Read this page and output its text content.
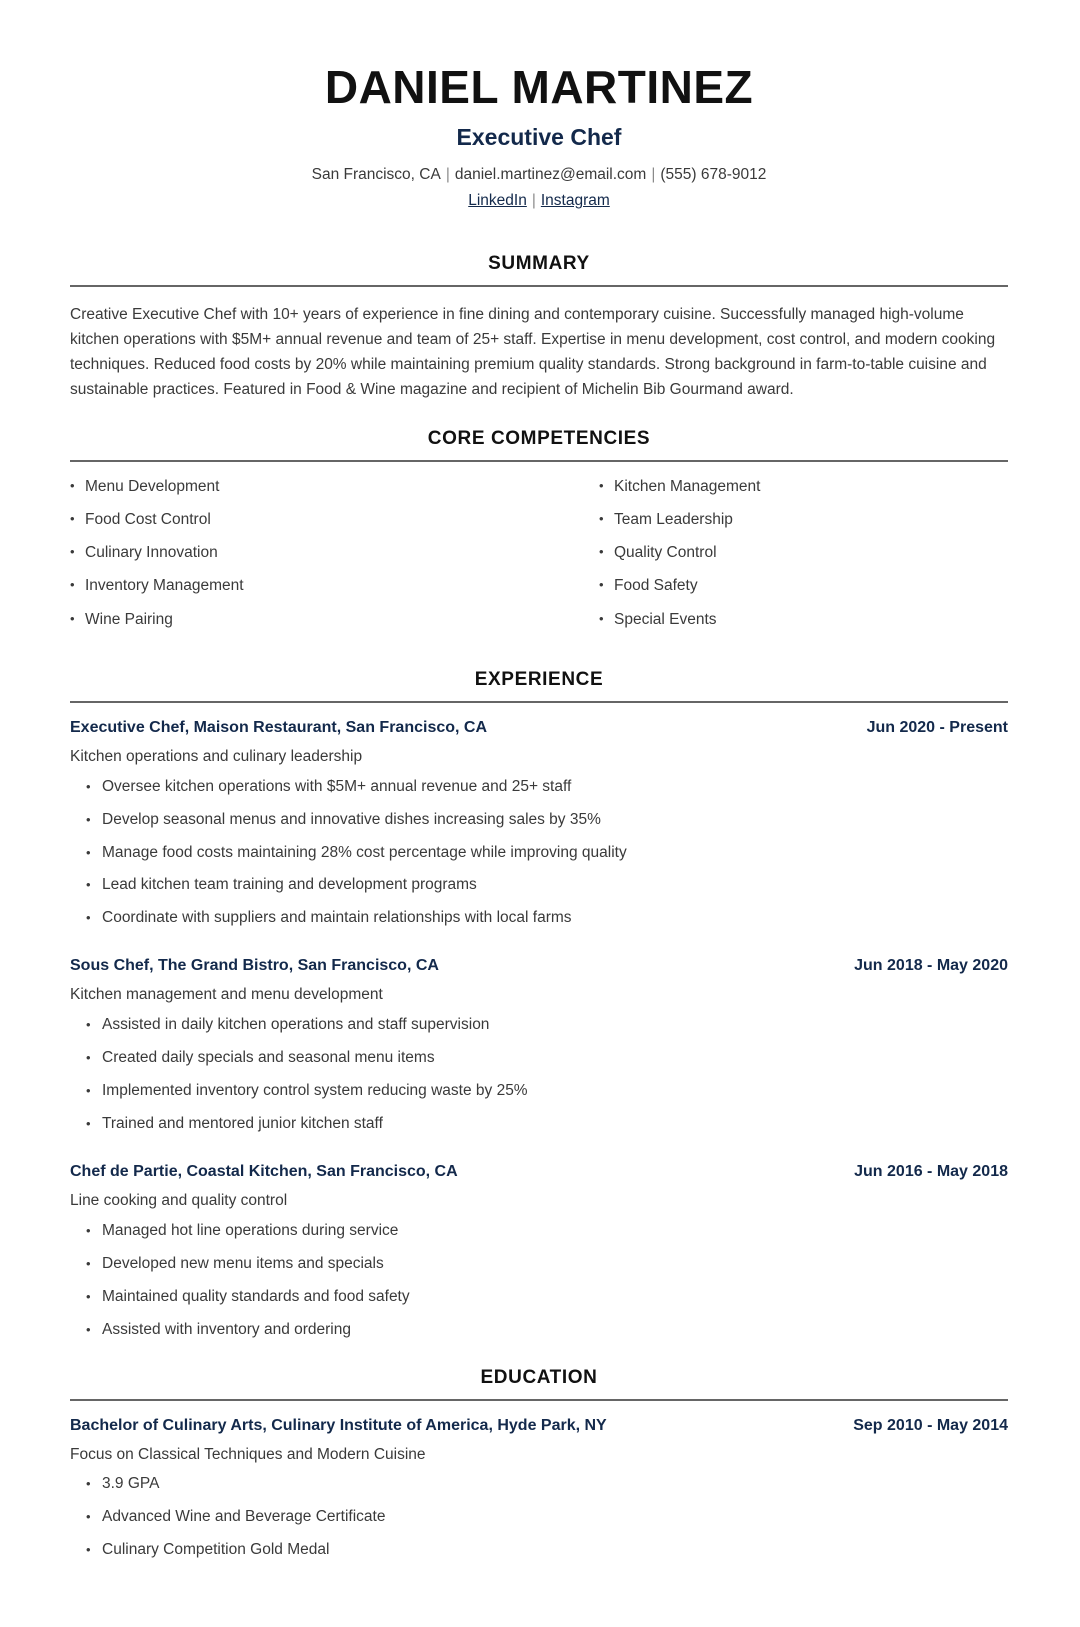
DANIEL MARTINEZ
Executive Chef
San Francisco, CA | daniel.martinez@email.com | (555) 678-9012
LinkedIn | Instagram
SUMMARY
Creative Executive Chef with 10+ years of experience in fine dining and contemporary cuisine. Successfully managed high-volume kitchen operations with $5M+ annual revenue and team of 25+ staff. Expertise in menu development, cost control, and modern cooking techniques. Reduced food costs by 20% while maintaining premium quality standards. Strong background in farm-to-table cuisine and sustainable practices. Featured in Food & Wine magazine and recipient of Michelin Bib Gourmand award.
CORE COMPETENCIES
• Menu Development
• Food Cost Control
• Culinary Innovation
• Inventory Management
• Wine Pairing
• Kitchen Management
• Team Leadership
• Quality Control
• Food Safety
• Special Events
EXPERIENCE
Executive Chef, Maison Restaurant, San Francisco, CA	Jun 2020 - Present
Kitchen operations and culinary leadership
• Oversee kitchen operations with $5M+ annual revenue and 25+ staff
• Develop seasonal menus and innovative dishes increasing sales by 35%
• Manage food costs maintaining 28% cost percentage while improving quality
• Lead kitchen team training and development programs
• Coordinate with suppliers and maintain relationships with local farms
Sous Chef, The Grand Bistro, San Francisco, CA	Jun 2018 - May 2020
Kitchen management and menu development
• Assisted in daily kitchen operations and staff supervision
• Created daily specials and seasonal menu items
• Implemented inventory control system reducing waste by 25%
• Trained and mentored junior kitchen staff
Chef de Partie, Coastal Kitchen, San Francisco, CA	Jun 2016 - May 2018
Line cooking and quality control
• Managed hot line operations during service
• Developed new menu items and specials
• Maintained quality standards and food safety
• Assisted with inventory and ordering
EDUCATION
Bachelor of Culinary Arts, Culinary Institute of America, Hyde Park, NY	Sep 2010 - May 2014
Focus on Classical Techniques and Modern Cuisine
• 3.9 GPA
• Advanced Wine and Beverage Certificate
• Culinary Competition Gold Medal
